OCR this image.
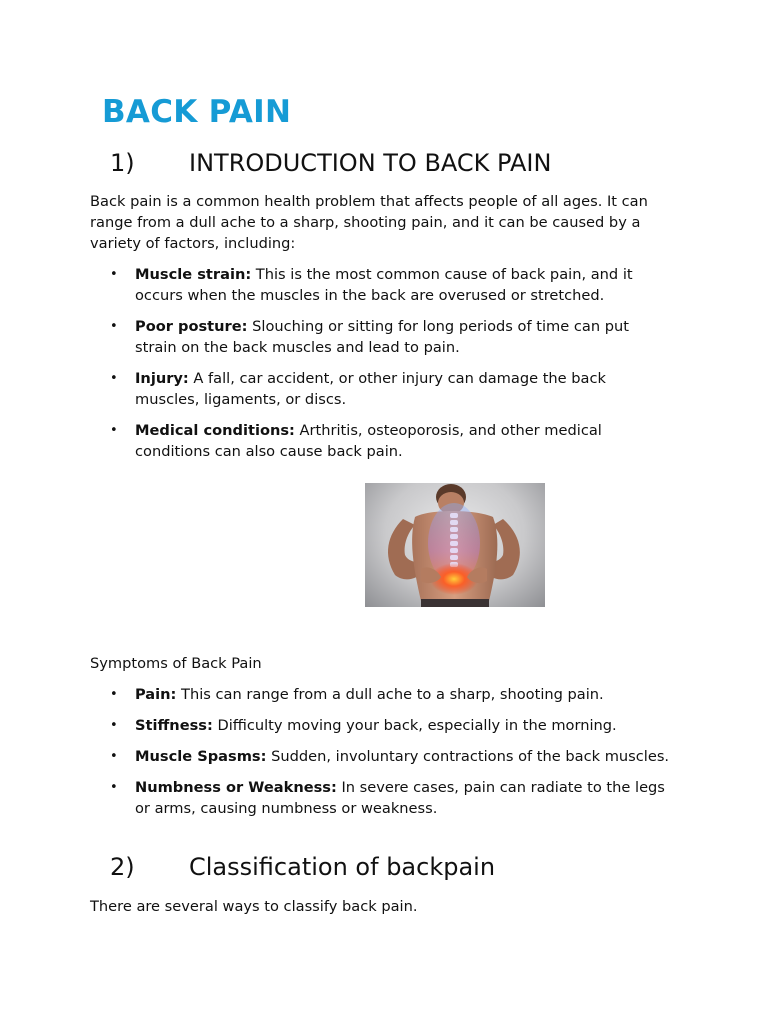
BACK PAIN
1) INTRODUCTION TO BACK PAIN

Back pain is a common health problem that affects people of all ages. It can range from a dull ache to a sharp, shooting pain, and it can be caused by a variety of factors, including:

• Muscle strain: This is the most common cause of back pain, and it occurs when the muscles in the back are overused or stretched.
• Poor posture: Slouching or sitting for long periods of time can put strain on the back muscles and lead to pain.
• Injury: A fall, car accident, or other injury can damage the back muscles, ligaments, or discs.
• Medical conditions: Arthritis, osteoporosis, and other medical conditions can also cause back pain.

Symptoms of Back Pain

• Pain: This can range from a dull ache to a sharp, shooting pain.
• Stiffness: Difficulty moving your back, especially in the morning.
• Muscle Spasms: Sudden, involuntary contractions of the back muscles.
• Numbness or Weakness: In severe cases, pain can radiate to the legs or arms, causing numbness or weakness.
2) Classification of backpain

There are several ways to classify back pain.
